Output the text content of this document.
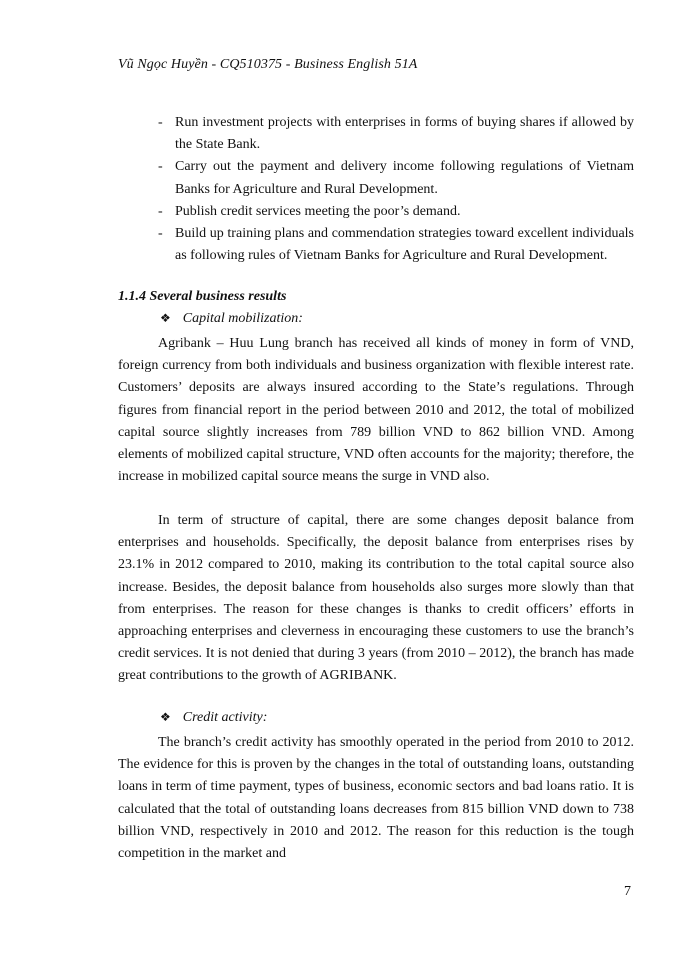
Vũ Ngọc Huyền - CQ510375 - Business English 51A
- Run investment projects with enterprises in forms of buying shares if allowed by the State Bank.
- Carry out the payment and delivery income following regulations of Vietnam Banks for Agriculture and Rural Development.
- Publish credit services meeting the poor’s demand.
- Build up training plans and commendation strategies toward excellent individuals as following rules of Vietnam Banks for Agriculture and Rural Development.
1.1.4 Several business results
❖ Capital mobilization:

Agribank – Huu Lung branch has received all kinds of money in form of VND, foreign currency from both individuals and business organization with flexible interest rate. Customers’ deposits are always insured according to the State’s regulations. Through figures from financial report in the period between 2010 and 2012, the total of mobilized capital source slightly increases from 789 billion VND to 862 billion VND. Among elements of mobilized capital structure, VND often accounts for the majority; therefore, the increase in mobilized capital source means the surge in VND also.

In term of structure of capital, there are some changes deposit balance from enterprises and households. Specifically, the deposit balance from enterprises rises by 23.1% in 2012 compared to 2010, making its contribution to the total capital source also increase. Besides, the deposit balance from households also surges more slowly than that from enterprises. The reason for these changes is thanks to credit officers’ efforts in approaching enterprises and cleverness in encouraging these customers to use the branch’s credit services. It is not denied that during 3 years (from 2010 – 2012), the branch has made great contributions to the growth of AGRIBANK.

❖ Credit activity:

The branch’s credit activity has smoothly operated in the period from 2010 to 2012. The evidence for this is proven by the changes in the total of outstanding loans, outstanding loans in term of time payment, types of business, economic sectors and bad loans ratio. It is calculated that the total of outstanding loans decreases from 815 billion VND down to 738 billion VND, respectively in 2010 and 2012. The reason for this reduction is the tough competition in the market and

7
